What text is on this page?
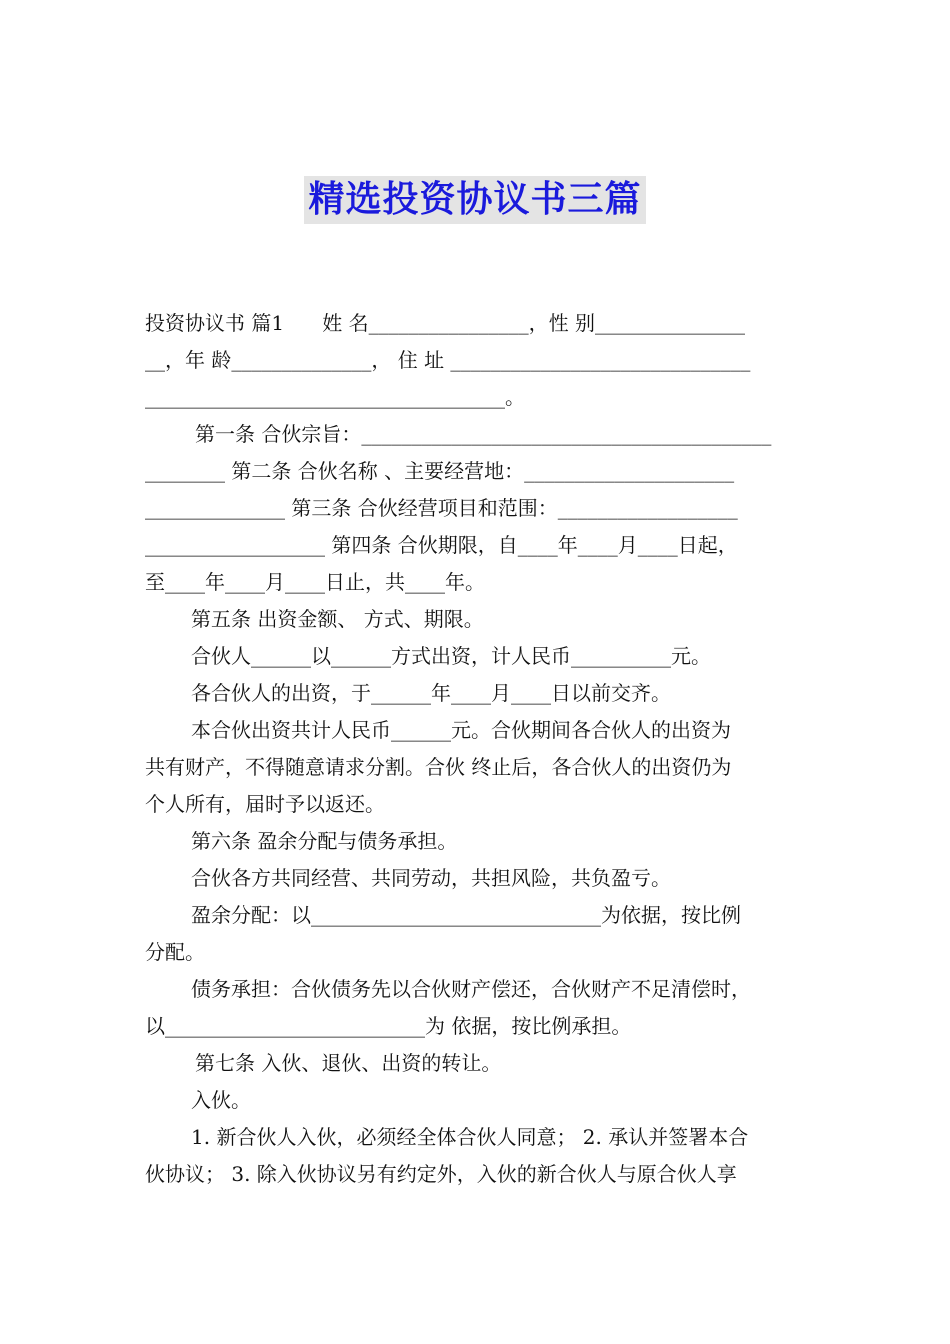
精选投资协议书三篇
投资协议书 篇1      姓 名________________，性 别_______________
__，年 龄______________， 住 址 ______________________________
____________________________________。
第一条 合伙宗旨：_________________________________________
________ 第二条 合伙名称 、主要经营地：_____________________
______________ 第三条 合伙经营项目和范围：__________________
__________________ 第四条 合伙期限，自____年____月____日起，
至____年____月____日止，共____年。
第五条 出资金额、 方式、期限。
合伙人______以______方式出资，计人民币__________元。
各合伙人的出资，于______年____月____日以前交齐。
本合伙出资共计人民币______元。合伙期间各合伙人的出资为
共有财产，不得随意请求分割。合伙 终止后，各合伙人的出资仍为
个人所有，届时予以返还。
第六条 盈余分配与债务承担。
合伙各方共同经营、共同劳动，共担风险，共负盈亏。
盈余分配：以_____________________________为依据，按比例
分配。
债务承担：合伙债务先以合伙财产偿还，合伙财产不足清偿时，
以__________________________为 依据，按比例承担。
第七条 入伙、退伙、出资的转让。
入伙。
1. 新合伙人入伙，必须经全体合伙人同意； 2. 承认并签署本合
伙协议； 3. 除入伙协议另有约定外，入伙的新合伙人与原合伙人享
